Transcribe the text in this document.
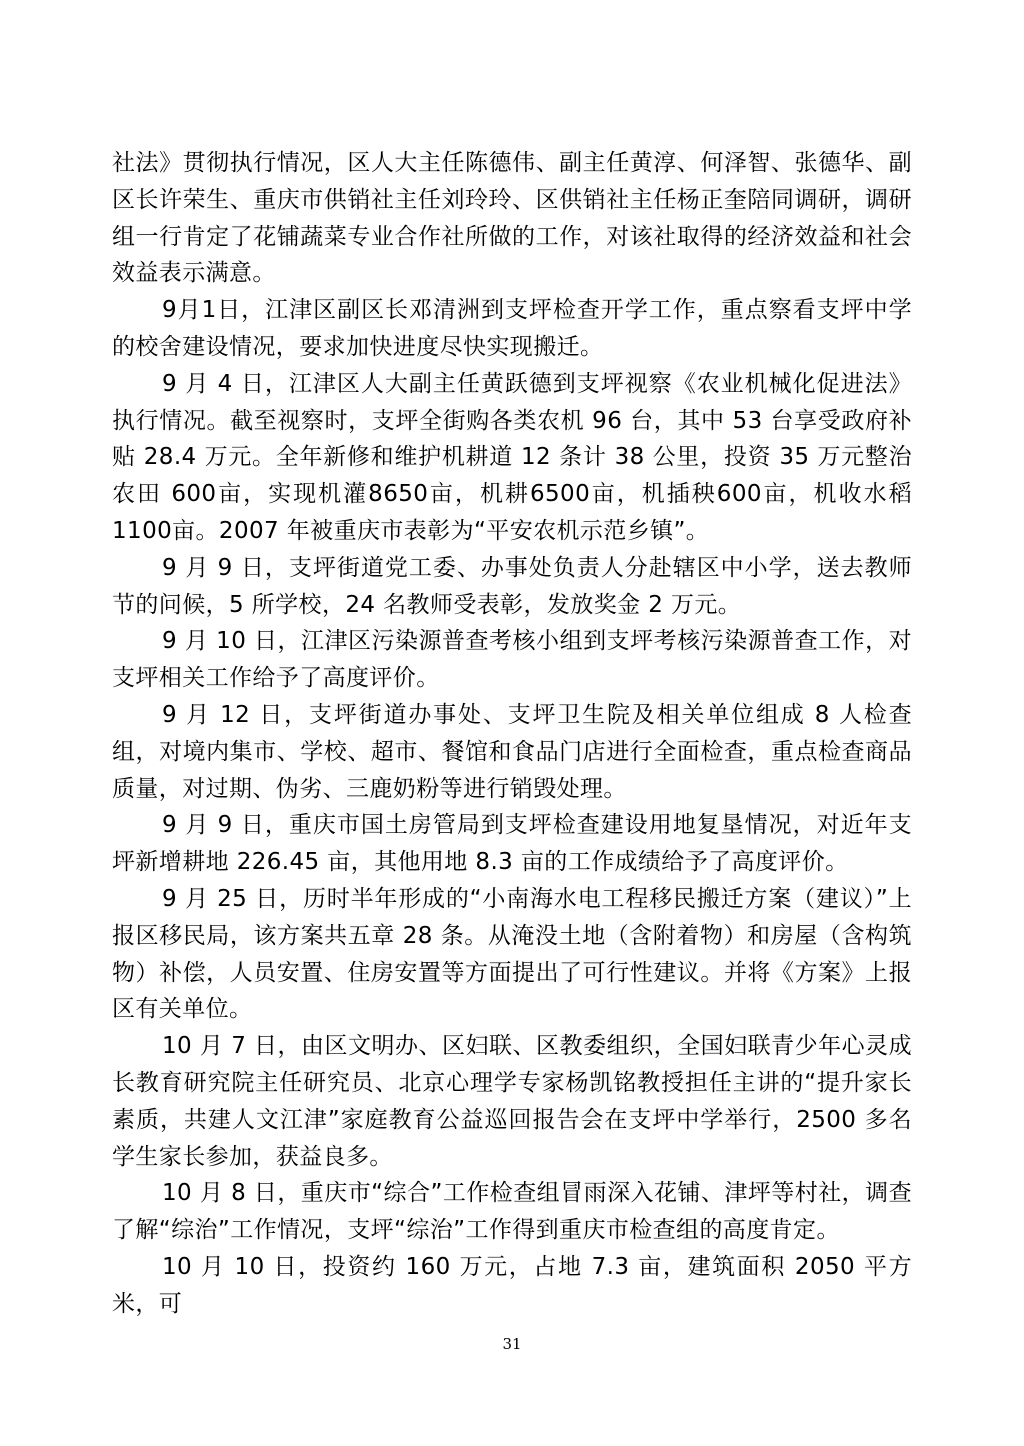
社法》贯彻执行情况，区人大主任陈德伟、副主任黄淳、何泽智、张德华、副区长许荣生、重庆市供销社主任刘玲玲、区供销社主任杨正奎陪同调研，调研组一行肯定了花铺蔬菜专业合作社所做的工作，对该社取得的经济效益和社会效益表示满意。

9月1日，江津区副区长邓清洲到支坪检查开学工作，重点察看支坪中学的校舍建设情况，要求加快进度尽快实现搬迁。

9 月 4 日，江津区人大副主任黄跃德到支坪视察《农业机械化促进法》执行情况。截至视察时，支坪全街购各类农机 96 台，其中 53 台享受政府补贴 28.4 万元。全年新修和维护机耕道 12 条计 38 公里，投资 35 万元整治农田 600亩，实现机灌8650亩，机耕6500亩，机插秧600亩，机收水稻1100亩。2007 年被重庆市表彰为“平安农机示范乡镇”。

9 月 9 日，支坪街道党工委、办事处负责人分赴辖区中小学，送去教师节的问候，5 所学校，24 名教师受表彰，发放奖金 2 万元。

9 月 10 日，江津区污染源普查考核小组到支坪考核污染源普查工作，对支坪相关工作给予了高度评价。

9 月 12 日，支坪街道办事处、支坪卫生院及相关单位组成 8 人检查组，对境内集市、学校、超市、餐馆和食品门店进行全面检查，重点检查商品质量，对过期、伪劣、三鹿奶粉等进行销毁处理。

9 月 9 日，重庆市国土房管局到支坪检查建设用地复垦情况，对近年支坪新增耕地 226.45 亩，其他用地 8.3 亩的工作成绩给予了高度评价。

9 月 25 日，历时半年形成的“小南海水电工程移民搬迁方案（建议）”上报区移民局，该方案共五章 28 条。从淹没土地（含附着物）和房屋（含构筑物）补偿，人员安置、住房安置等方面提出了可行性建议。并将《方案》上报区有关单位。

10 月 7 日，由区文明办、区妇联、区教委组织，全国妇联青少年心灵成长教育研究院主任研究员、北京心理学专家杨凯铭教授担任主讲的“提升家长素质，共建人文江津”家庭教育公益巡回报告会在支坪中学举行，2500 多名学生家长参加，获益良多。

10 月 8 日，重庆市“综合”工作检查组冒雨深入花铺、津坪等村社，调查了解“综治”工作情况，支坪“综治”工作得到重庆市检查组的高度肯定。

10 月 10 日，投资约 160 万元，占地 7.3 亩，建筑面积 2050 平方米，可

31
